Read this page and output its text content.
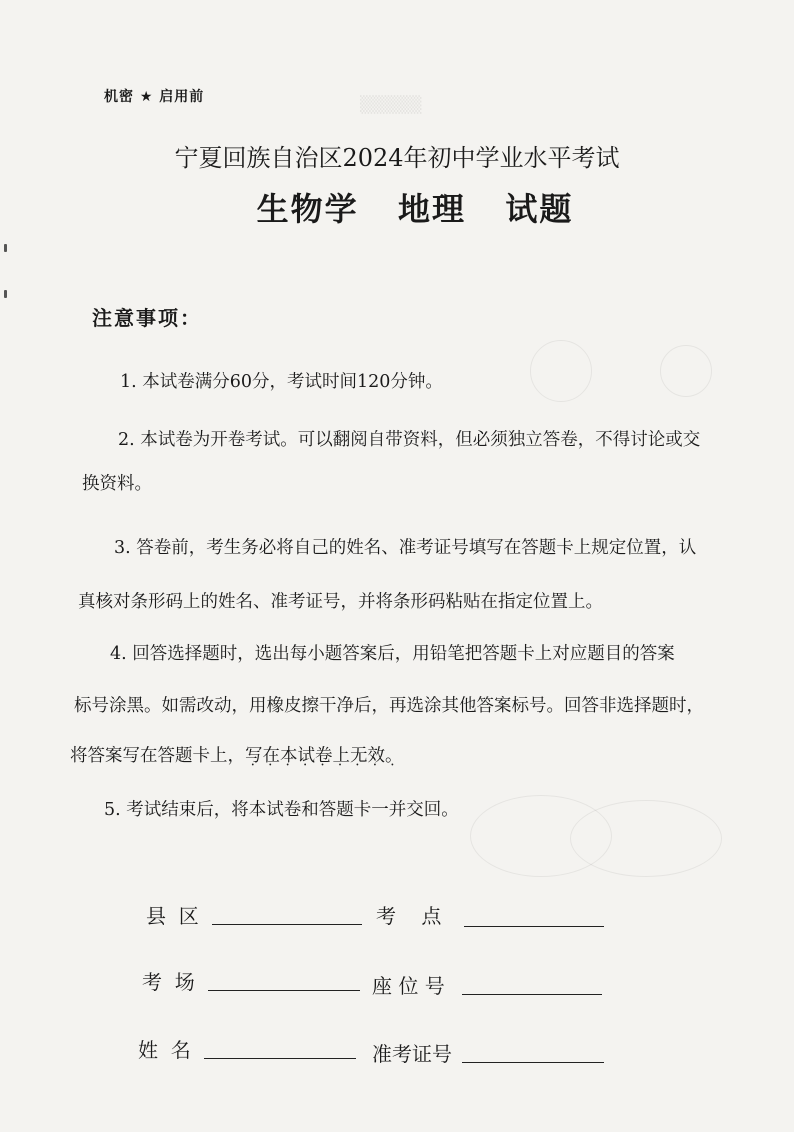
▒▒▒▒▒
机密 ★ 启用前
宁夏回族自治区2024年初中学业水平考试
生物学   地理   试题
注意事项：
1. 本试卷满分60分，考试时间120分钟。
2. 本试卷为开卷考试。可以翻阅自带资料，但必须独立答卷，不得讨论或交
换资料。
3. 答卷前，考生务必将自己的姓名、准考证号填写在答题卡上规定位置，认
真核对条形码上的姓名、准考证号，并将条形码粘贴在指定位置上。
4. 回答选择题时，选出每小题答案后，用铅笔把答题卡上对应题目的答案
标号涂黑。如需改动，用橡皮擦干净后，再选涂其他答案标号。回答非选择题时，
将答案写在答题卡上，写在本试卷上无效 • • •。
5. 考试结束后，将本试卷和答题卡一并交回。
县  区	考    点
考  场	座 位 号
姓  名	准考证号
